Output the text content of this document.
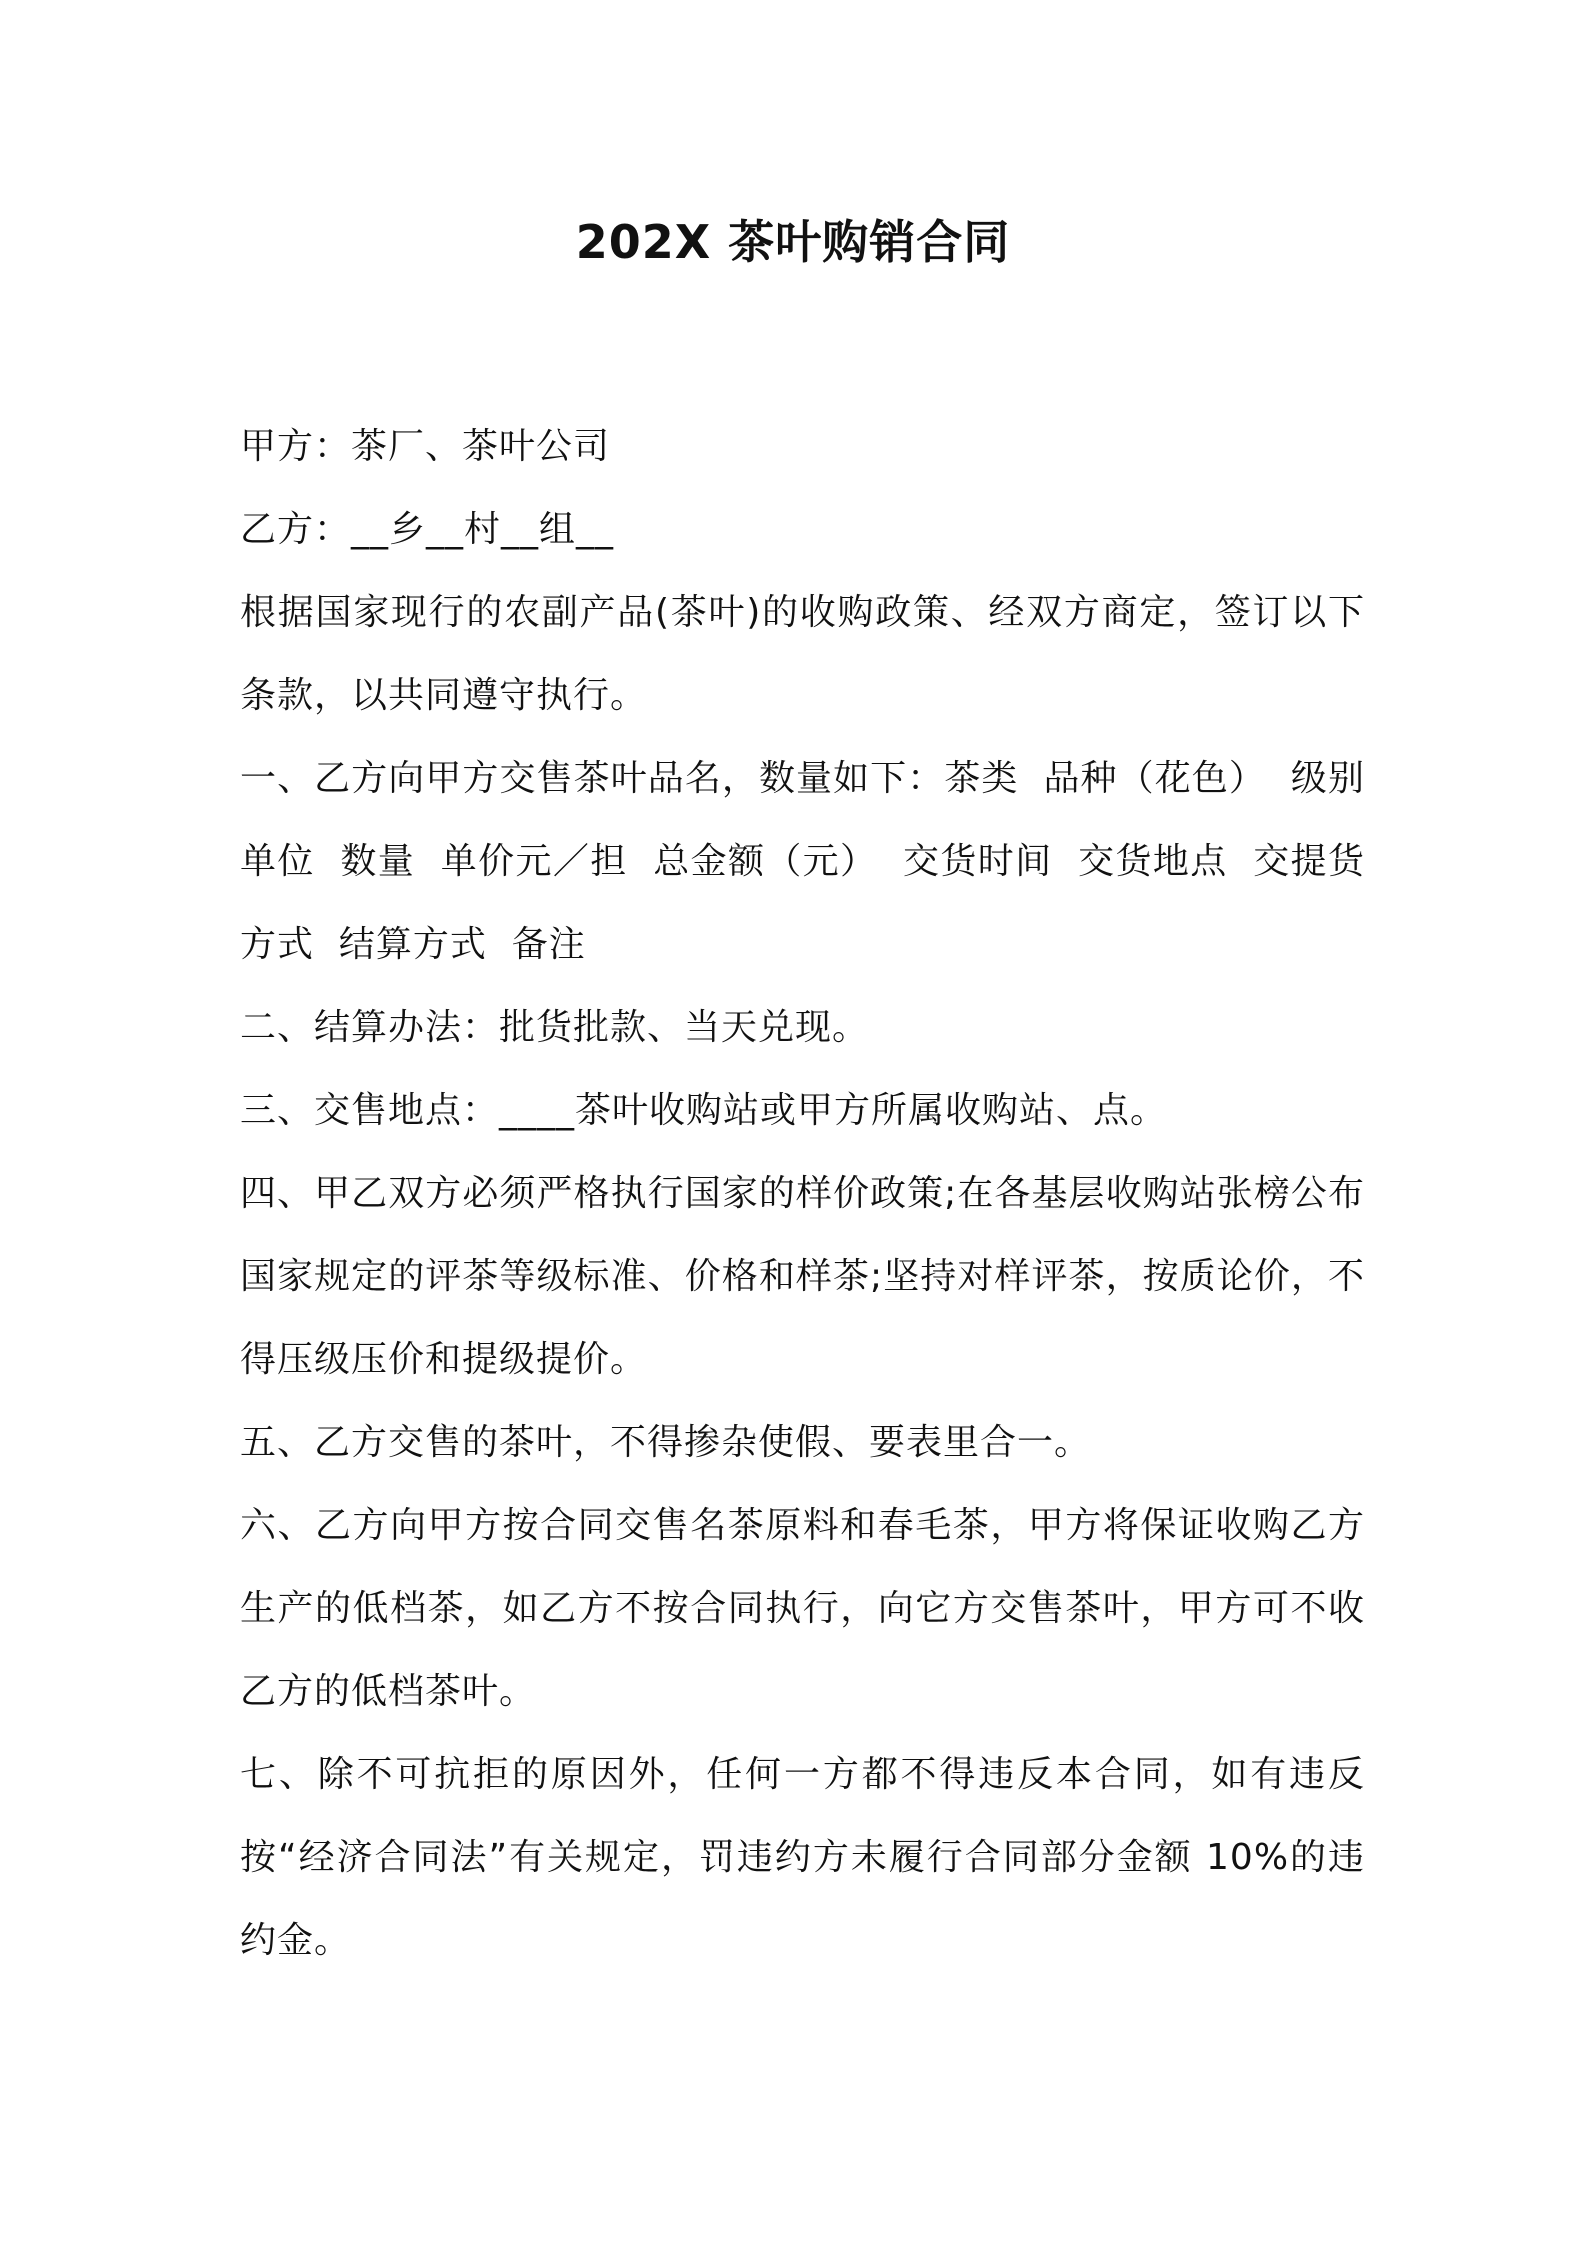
202X 茶叶购销合同

甲方：茶厂、茶叶公司

乙方：__乡__村__组__

根据国家现行的农副产品(茶叶)的收购政策、经双方商定，签订以下条款，以共同遵守执行。

一、乙方向甲方交售茶叶品名，数量如下：茶类  品种（花色）  级别  单位  数量  单价元／担  总金额（元）  交货时间  交货地点  交提货方式  结算方式  备注

二、结算办法：批货批款、当天兑现。

三、交售地点：____茶叶收购站或甲方所属收购站、点。

四、甲乙双方必须严格执行国家的样价政策;在各基层收购站张榜公布国家规定的评茶等级标准、价格和样茶;坚持对样评茶，按质论价，不得压级压价和提级提价。

五、乙方交售的茶叶，不得掺杂使假、要表里合一。

六、乙方向甲方按合同交售名茶原料和春毛茶，甲方将保证收购乙方生产的低档茶，如乙方不按合同执行，向它方交售茶叶，甲方可不收乙方的低档茶叶。

七、除不可抗拒的原因外，任何一方都不得违反本合同，如有违反按“经济合同法”有关规定，罚违约方未履行合同部分金额 10%的违约金。
